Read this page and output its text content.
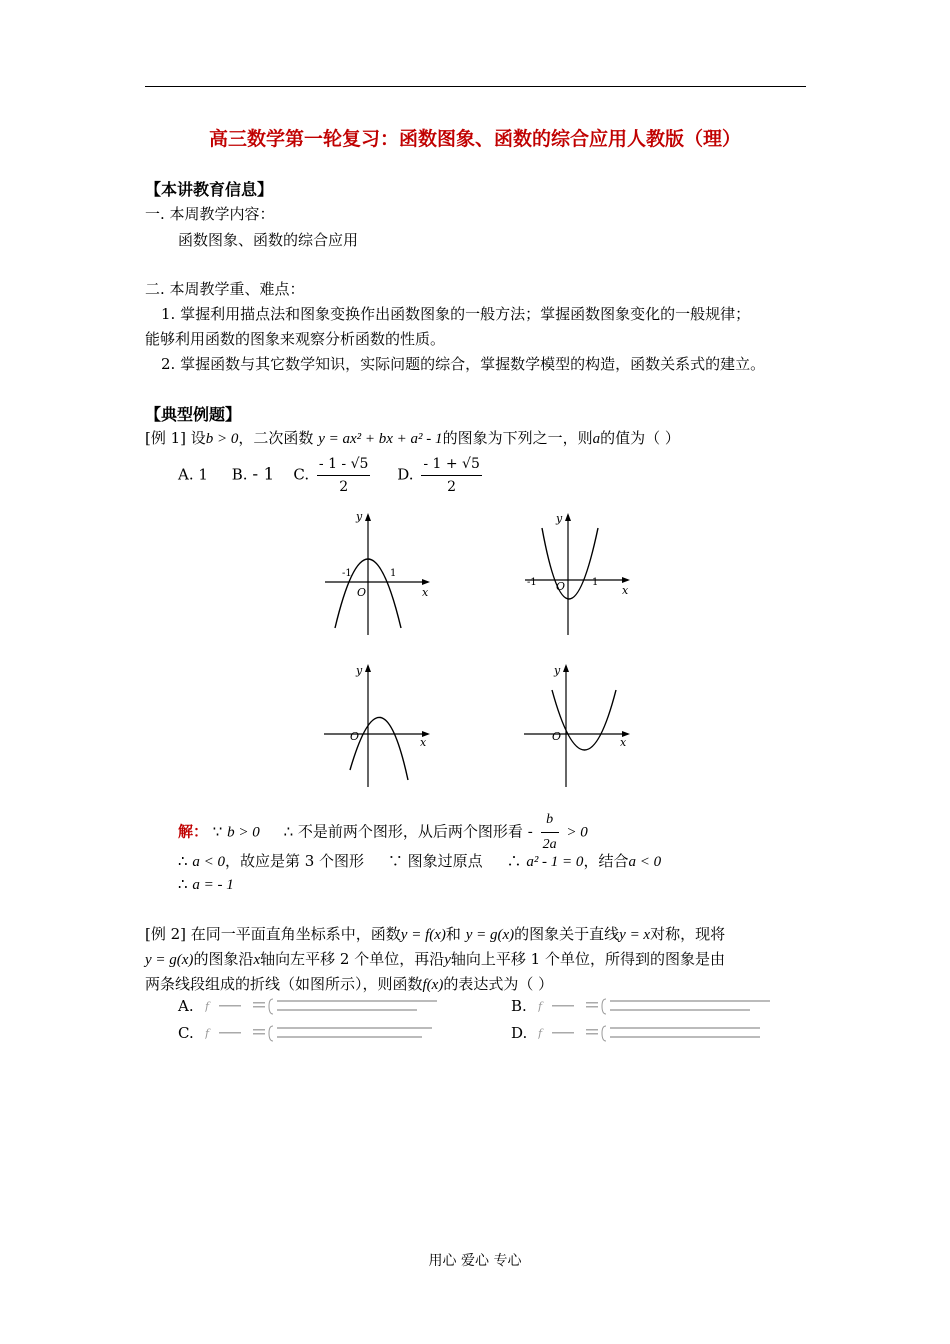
高三数学第一轮复习：函数图象、函数的综合应用人教版（理）
【本讲教育信息】
一. 本周教学内容：
函数图象、函数的综合应用
二. 本周教学重、难点：
1. 掌握利用描点法和图象变换作出函数图象的一般方法；掌握函数图象变化的一般规律；
能够利用函数的图象来观察分析函数的性质。
2. 掌握函数与其它数学知识，实际问题的综合，掌握数学模型的构造，函数关系式的建立。
【典型例题】
[例 1] 设b > 0，二次函数 y = ax² + bx + a² - 1的图象为下列之一，则a的值为（ ）
A. 1 B. - 1 C. $\frac{- 1 - √5}{2} D$. $\frac{- 1 + √5}{2}$
y
x
O
-1	1
y
x
O
-1	1
y
x
O
y
x
O
解： ∵ b > 0 ∴ 不是前两个图形，从后两个图形看 - $\frac{b}{2a} > 0$
∴ a < 0，故应是第 3 个图形 ∵ 图象过原点 ∴ a² - 1 = 0，结合a < 0
∴ a = - 1
[例 2] 在同一平面直角坐标系中，函数y = f(x)和 y = g(x)的图象关于直线y = x对称，现将
y = g(x)的图象沿x轴向左平移 2 个单位，再沿y轴向上平移 1 个单位，所得到的图象是由
两条线段组成的折线（如图所示），则函数f(x)的表达式为（ ）
A. ƒ	B. ƒ
C. ƒ	D. ƒ
用心 爱心 专心
